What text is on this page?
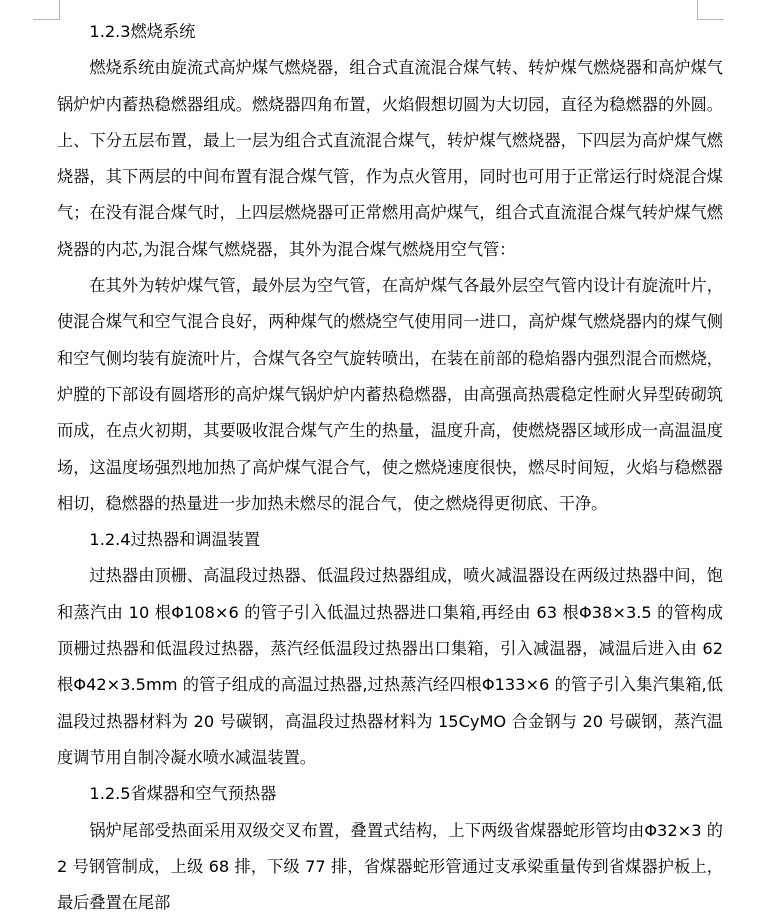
1.2.3燃烧系统

燃烧系统由旋流式高炉煤气燃烧器，组合式直流混合煤气转、转炉煤气燃烧器和高炉煤气锅炉炉内蓄热稳燃器组成。燃烧器四角布置，火焰假想切圆为大切园，直径为稳燃器的外圆。上、下分五层布置，最上一层为组合式直流混合煤气，转炉煤气燃烧器，下四层为高炉煤气燃烧器，其下两层的中间布置有混合煤气管，作为点火管用，同时也可用于正常运行时烧混合煤气；在没有混合煤气时，上四层燃烧器可正常燃用高炉煤气，组合式直流混合煤气转炉煤气燃烧器的内芯,为混合煤气燃烧器，其外为混合煤气燃烧用空气管：

在其外为转炉煤气管，最外层为空气管，在高炉煤气各最外层空气管内设计有旋流叶片，使混合煤气和空气混合良好，两种煤气的燃烧空气使用同一进口，高炉煤气燃烧器内的煤气侧和空气侧均装有旋流叶片，合煤气各空气旋转喷出，在装在前部的稳焰器内强烈混合而燃烧，炉膛的下部设有圆塔形的高炉煤气锅炉炉内蓄热稳燃器，由高强高热震稳定性耐火异型砖砌筑而成，在点火初期，其要吸收混合煤气产生的热量，温度升高，使燃烧器区域形成一高温温度场，这温度场强烈地加热了高炉煤气混合气，使之燃烧速度很快，燃尽时间短，火焰与稳燃器相切，稳燃器的热量进一步加热未燃尽的混合气，使之燃烧得更彻底、干净。

1.2.4过热器和调温装置

过热器由顶栅、高温段过热器、低温段过热器组成，喷火减温器设在两级过热器中间，饱和蒸汽由 10 根Φ108×6 的管子引入低温过热器进口集箱,再经由 63 根Φ38×3.5 的管构成顶栅过热器和低温段过热器，蒸汽经低温段过热器出口集箱，引入减温器，减温后进入由 62 根Φ42×3.5mm 的管子组成的高温过热器,过热蒸汽经四根Φ133×6 的管子引入集汽集箱,低温段过热器材料为 20 号碳钢，高温段过热器材料为 15CyMO 合金钢与 20 号碳钢，蒸汽温度调节用自制冷凝水喷水减温装置。

1.2.5省煤器和空气预热器

锅炉尾部受热面采用双级交叉布置，叠置式结构，上下两级省煤器蛇形管均由Φ32×3 的 2 号钢管制成，上级 68 排，下级 77 排，省煤器蛇形管通过支承梁重量传到省煤器护板上，最后叠置在尾部
